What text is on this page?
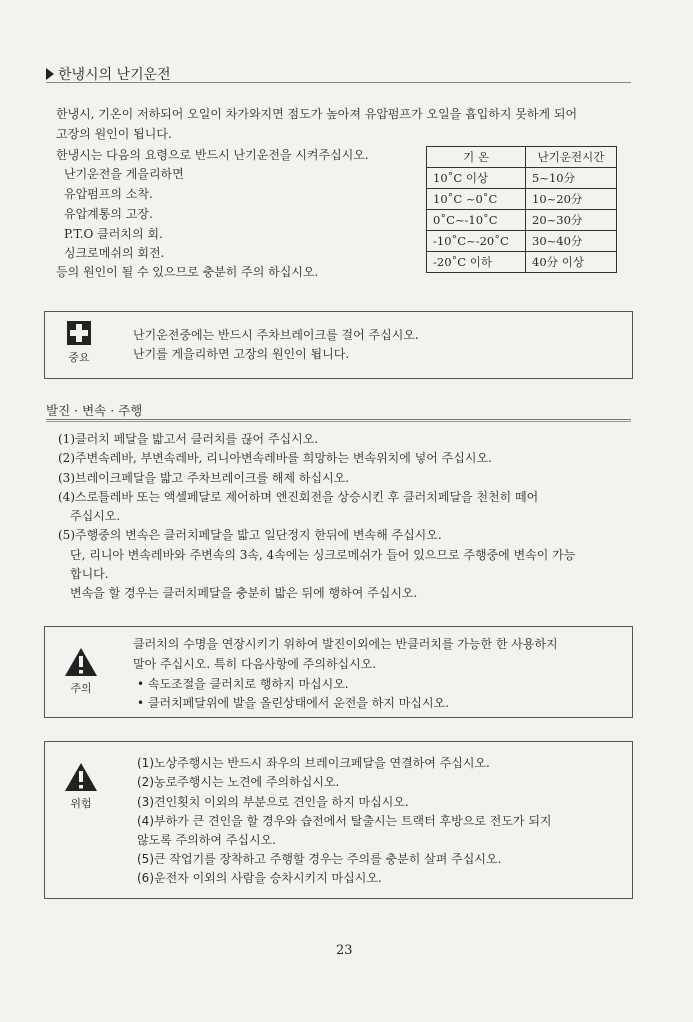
한냉시의 난기운전
한냉시, 기온이 저하되어 오일이 차가와지면 점도가 높아져 유압펌프가 오일을 흡입하지 못하게 되어
고장의 원인이 됩니다.
한냉시는 다음의 요령으로 반드시 난기운전을 시켜주십시오.
난기운전을 게을리하면
유압펌프의 소착.
유압계통의 고장.
P.T.O 클러치의 회.
싱크로메쉬의 회전.
등의 원인이 될 수 있으므로 충분히 주의 하십시오.
기 온	난기운전시간
10˚C 이상	5~10分
10˚C ~0˚C	10~20分
0˚C~-10˚C	20~30分
-10˚C~-20˚C	30~40分
-20˚C 이하	40分 이상
중요
난기운전중에는 반드시 주차브레이크를 걸어 주십시오.
난기를 게을리하면 고장의 원인이 됩니다.
발진 · 변속 · 주행
(1)클러치 페달을 밟고서 클러치를 끊어 주십시오.
(2)주변속레바, 부변속레바, 리니아변속레바를 희망하는 변속위치에 넣어 주십시오.
(3)브레이크페달을 밟고 주차브레이크를 해제 하십시오.
(4)스로틀레바 또는 액셀페달로 제어하며 엔진회전을 상승시킨 후 클러치페달을 천천히 떼어
주십시오.
(5)주행중의 변속은 클러치페달을 밟고 일단정지 한뒤에 변속해 주십시오.
단, 리니아 변속레바와 주변속의 3속, 4속에는 싱크로메쉬가 들어 있으므로 주행중에 변속이 가능
합니다.
변속을 할 경우는 클러치페달을 충분히 밟은 뒤에 행하여 주십시오.
주의
클러치의 수명을 연장시키기 위하여 발진이외에는 반클러치를 가능한 한 사용하지
말아 주십시오. 특히 다음사항에 주의하십시오.
• 속도조절을 클러치로 행하지 마십시오.
• 클러치페달위에 발을 올린상태에서 운전을 하지 마십시오.
위험
(1)노상주행시는 반드시 좌우의 브레이크페달을 연결하여 주십시오.
(2)농로주행시는 노견에 주의하십시오.
(3)견인횟치 이외의 부분으로 견인을 하지 마십시오.
(4)부하가 큰 견인을 할 경우와 습전에서 탈출시는 트랙터 후방으로 전도가 되지
않도록 주의하여 주십시오.
(5)큰 작업기를 장착하고 주행할 경우는 주의를 충분히 살펴 주십시오.
(6)운전자 이외의 사람을 승차시키지 마십시오.
23
